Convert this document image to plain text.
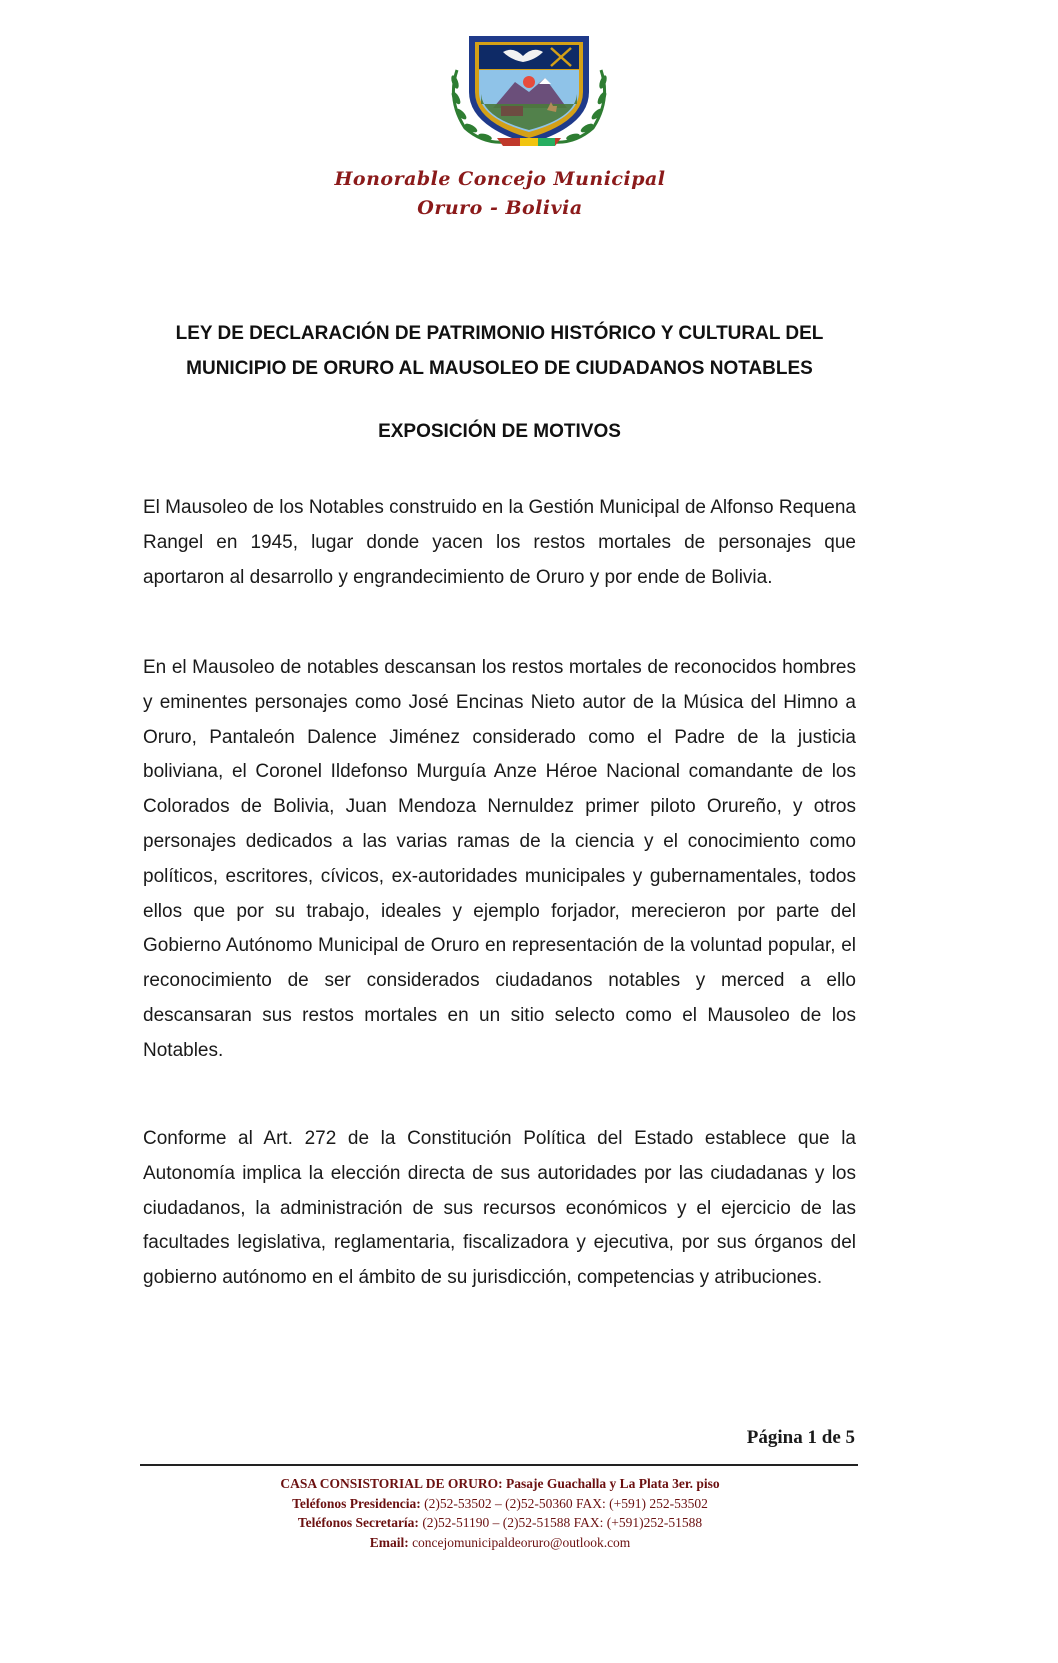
Honorable Concejo Municipal
Oruro - Bolivia
LEY DE DECLARACIÓN DE PATRIMONIO HISTÓRICO Y CULTURAL DEL MUNICIPIO DE ORURO AL MAUSOLEO DE CIUDADANOS NOTABLES
EXPOSICIÓN DE MOTIVOS

El Mausoleo de los Notables construido en la Gestión Municipal de Alfonso Requena Rangel en 1945, lugar donde yacen los restos mortales de personajes que aportaron al desarrollo y engrandecimiento de Oruro y por ende de Bolivia.

En el Mausoleo de notables descansan los restos mortales de reconocidos hombres y eminentes personajes como José Encinas Nieto autor de la Música del Himno a Oruro, Pantaleón Dalence Jiménez considerado como el Padre de la justicia boliviana, el Coronel Ildefonso Murguía Anze Héroe Nacional comandante de los Colorados de Bolivia, Juan Mendoza Nernuldez primer piloto Orureño, y otros personajes dedicados a las varias ramas de la ciencia y el conocimiento como políticos, escritores, cívicos, ex-autoridades municipales y gubernamentales, todos ellos que por su trabajo, ideales y ejemplo forjador, merecieron por parte del Gobierno Autónomo Municipal de Oruro en representación de la voluntad popular, el reconocimiento de ser considerados ciudadanos notables y merced a ello descansaran sus restos mortales en un sitio selecto como el Mausoleo de los Notables.

Conforme al Art. 272 de la Constitución Política del Estado establece que la Autonomía implica la elección directa de sus autoridades por las ciudadanas y los ciudadanos, la administración de sus recursos económicos y el ejercicio de las facultades legislativa, reglamentaria, fiscalizadora y ejecutiva, por sus órganos del gobierno autónomo en el ámbito de su jurisdicción, competencias y atribuciones.

Página 1 de 5
CASA CONSISTORIAL DE ORURO: Pasaje Guachalla y La Plata 3er. piso
Teléfonos Presidencia: (2)52-53502 – (2)52-50360 FAX: (+591) 252-53502
Teléfonos Secretaría: (2)52-51190 – (2)52-51588 FAX: (+591)252-51588
Email: concejomunicipaldeoruro@outlook.com
